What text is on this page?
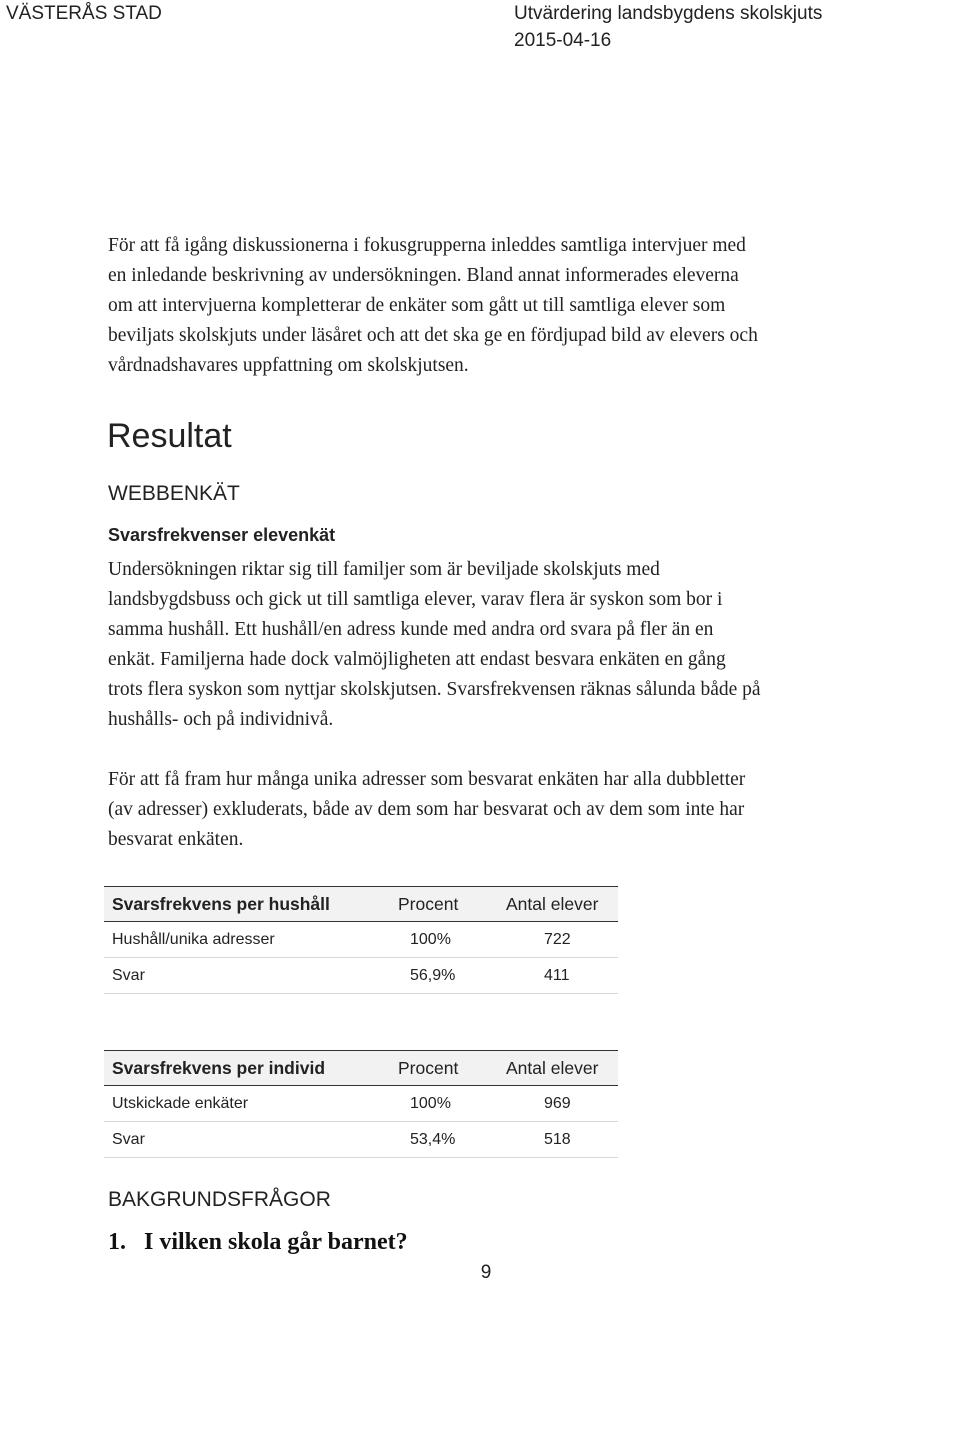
VÄSTERÅS STAD	Utvärdering landsbygdens skolskjuts
2015-04-16
För att få igång diskussionerna i fokusgrupperna inleddes samtliga intervjuer med
en inledande beskrivning av undersökningen. Bland annat informerades eleverna
om att intervjuerna kompletterar de enkäter som gått ut till samtliga elever som
beviljats skolskjuts under läsåret och att det ska ge en fördjupad bild av elevers och
vårdnadshavares uppfattning om skolskjutsen.
Resultat
WEBBENKÄT
Svarsfrekvenser elevenkät
Undersökningen riktar sig till familjer som är beviljade skolskjuts med
landsbygdsbuss och gick ut till samtliga elever, varav flera är syskon som bor i
samma hushåll. Ett hushåll/en adress kunde med andra ord svara på fler än en
enkät. Familjerna hade dock valmöjligheten att endast besvara enkäten en gång
trots flera syskon som nyttjar skolskjutsen. Svarsfrekvensen räknas sålunda både på
hushålls- och på individnivå.
För att få fram hur många unika adresser som besvarat enkäten har alla dubbletter
(av adresser) exkluderats, både av dem som har besvarat och av dem som inte har
besvarat enkäten.
Svarsfrekvens per hushåll	Procent	Antal elever
Hushåll/unika adresser	100%	722
Svar	56,9%	411
Svarsfrekvens per individ	Procent	Antal elever
Utskickade enkäter	100%	969
Svar	53,4%	518
BAKGRUNDSFRÅGOR
1. I vilken skola går barnet?
9
